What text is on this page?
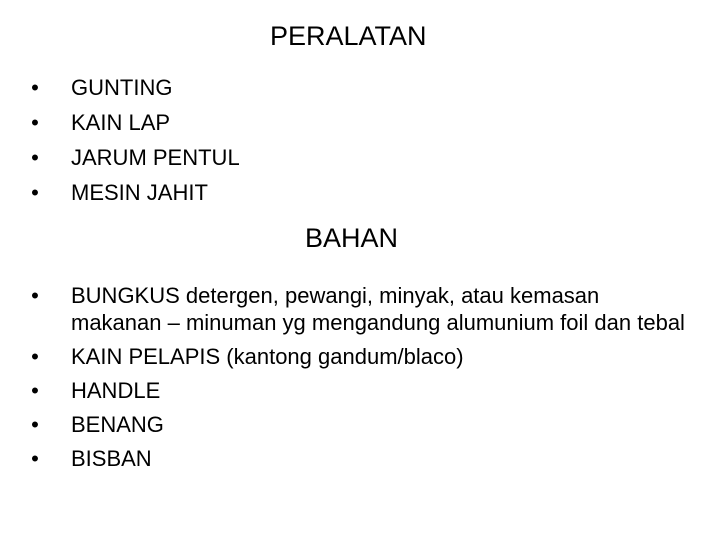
PERALATAN
• GUNTING
• KAIN LAP
• JARUM PENTUL
• MESIN JAHIT
BAHAN
• BUNGKUS detergen, pewangi, minyak, atau kemasan makanan – minuman yg mengandung alumunium foil dan tebal
• KAIN PELAPIS (kantong gandum/blaco)
• HANDLE
• BENANG
• BISBAN
